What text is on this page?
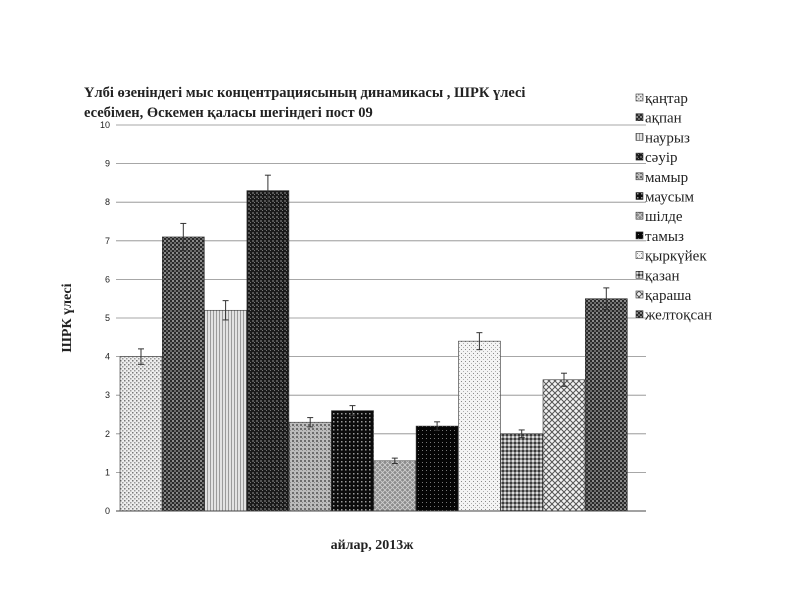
Үлбі өзеніндегі мыс концентрациясының динамикасы , ШРК үлесі
есебімен, Өскемен қаласы шегіндегі пост 09
0
1
2
3
4
5
6
7
8
9
10
ШРК үлесі
айлар, 2013ж
қаңтар
ақпан
наурыз
сәуір
мамыр
маусым
шілде
тамыз
қыркүйек
қазан
қараша
желтоқсан
